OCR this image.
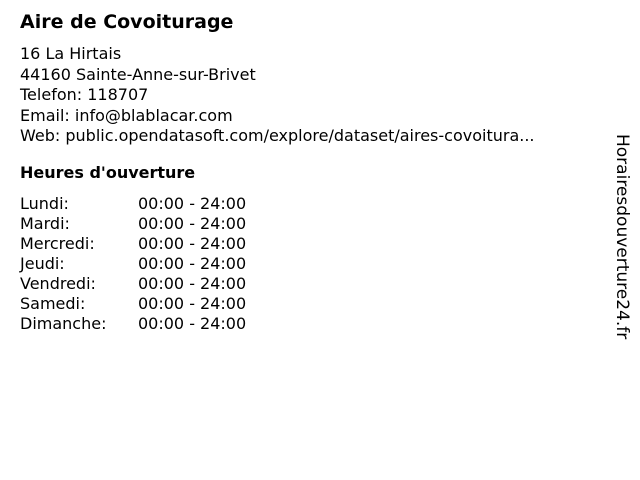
Aire de Covoiturage
16 La Hirtais
44160 Sainte-Anne-sur-Brivet
Telefon: 118707
Email: info@blablacar.com
Web: public.opendatasoft.com/explore/dataset/aires-covoitura...
Heures d'ouverture
Lundi:	00:00 - 24:00
Mardi:	00:00 - 24:00
Mercredi:	00:00 - 24:00
Jeudi:	00:00 - 24:00
Vendredi:	00:00 - 24:00
Samedi:	00:00 - 24:00
Dimanche:	00:00 - 24:00	Horairesdouverture24.fr
